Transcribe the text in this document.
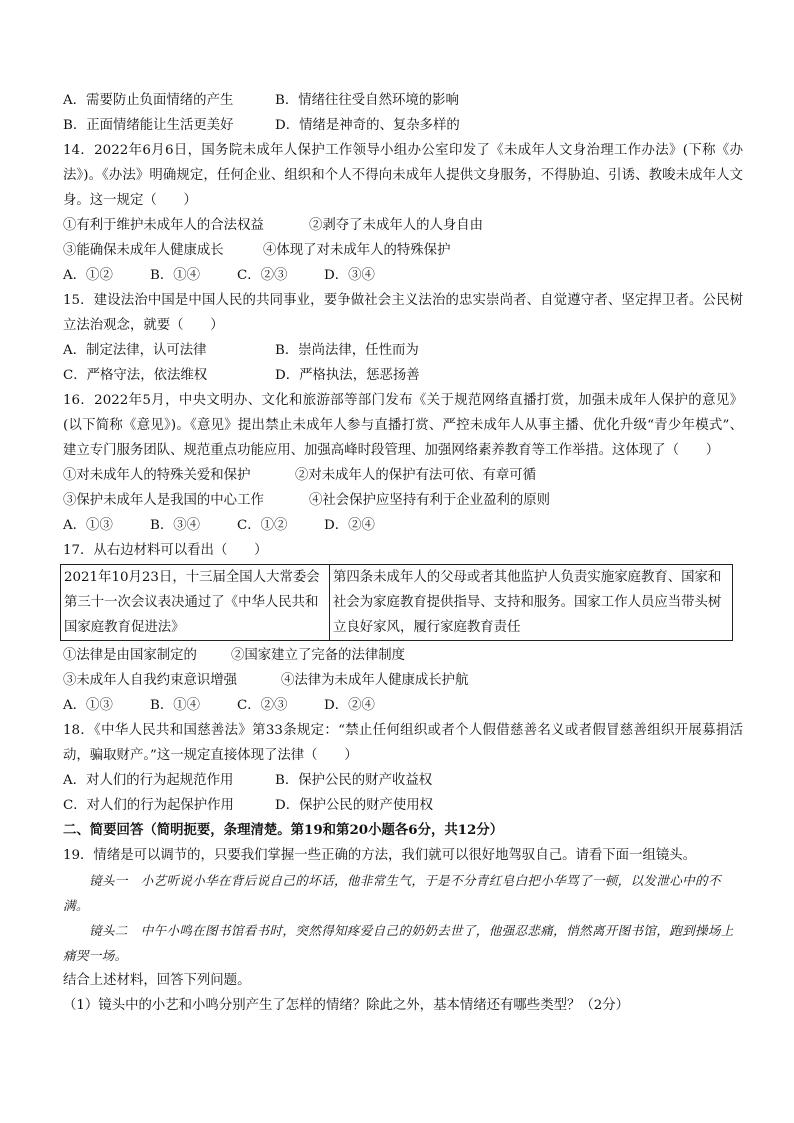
A．需要防止负面情绪的产生	B．情绪往往受自然环境的影响
B．正面情绪能让生活更美好	D．情绪是神奇的、复杂多样的
14．2022年6月6日，国务院未成年人保护工作领导小组办公室印发了《未成年人文身治理工作办法》(下称《办法》)。《办法》明确规定，任何企业、组织和个人不得向未成年人提供文身服务，不得胁迫、引诱、教唆未成年人文身。这一规定（　　）
①有利于维护未成年人的合法权益	②剥夺了未成年人的人身自由
③能确保未成年人健康成长	④体现了对未成年人的特殊保护
A．①②	B．①④	C．②③	D．③④
15．建设法治中国是中国人民的共同事业，要争做社会主义法治的忠实崇尚者、自觉遵守者、坚定捍卫者。公民树立法治观念，就要（　　）
A．制定法律，认可法律	B．崇尚法律，任性而为
C．严格守法，依法维权	D．严格执法，惩恶扬善
16．2022年5月，中央文明办、文化和旅游部等部门发布《关于规范网络直播打赏，加强未成年人保护的意见》(以下简称《意见》)。《意见》提出禁止未成年人参与直播打赏、严控未成年人从事主播、优化升级“青少年模式”、建立专门服务团队、规范重点功能应用、加强高峰时段管理、加强网络素养教育等工作举措。这体现了（　　）
①对未成年人的特殊关爱和保护	②对未成年人的保护有法可依、有章可循
③保护未成年人是我国的中心工作	④社会保护应坚持有利于企业盈利的原则
A．①③	B．③④	C．①②	D．②④
17．从右边材料可以看出（　　）
2021年10月23日，十三届全国人大常委会第三十一次会议表决通过了《中华人民共和国家庭教育促进法》	第四条未成年人的父母或者其他监护人负责实施家庭教育、国家和社会为家庭教育提供指导、支持和服务。国家工作人员应当带头树立良好家风，履行家庭教育责任
①法律是由国家制定的	②国家建立了完备的法律制度
③未成年人自我约束意识增强	④法律为未成年人健康成长护航
A．①③	B．①④	C．②③	D．②④
18．《中华人民共和国慈善法》第33条规定：“禁止任何组织或者个人假借慈善名义或者假冒慈善组织开展募捐活动，骗取财产。”这一规定直接体现了法律（　　）
A．对人们的行为起规范作用	B．保护公民的财产收益权
C．对人们的行为起保护作用	D．保护公民的财产使用权
二、简要回答（简明扼要，条理清楚。第19和第20小题各6分，共12分）
19．情绪是可以调节的，只要我们掌握一些正确的方法，我们就可以很好地驾驭自己。请看下面一组镜头。
镜头一　小艺听说小华在背后说自己的坏话，他非常生气，于是不分青红皂白把小华骂了一顿，以发泄心中的不满。
镜头二　中午小鸣在图书馆看书时，突然得知疼爱自己的奶奶去世了，他强忍悲痛，悄然离开图书馆，跑到操场上痛哭一场。
结合上述材料，回答下列问题。
（1）镜头中的小艺和小鸣分别产生了怎样的情绪？除此之外，基本情绪还有哪些类型？（2分）
